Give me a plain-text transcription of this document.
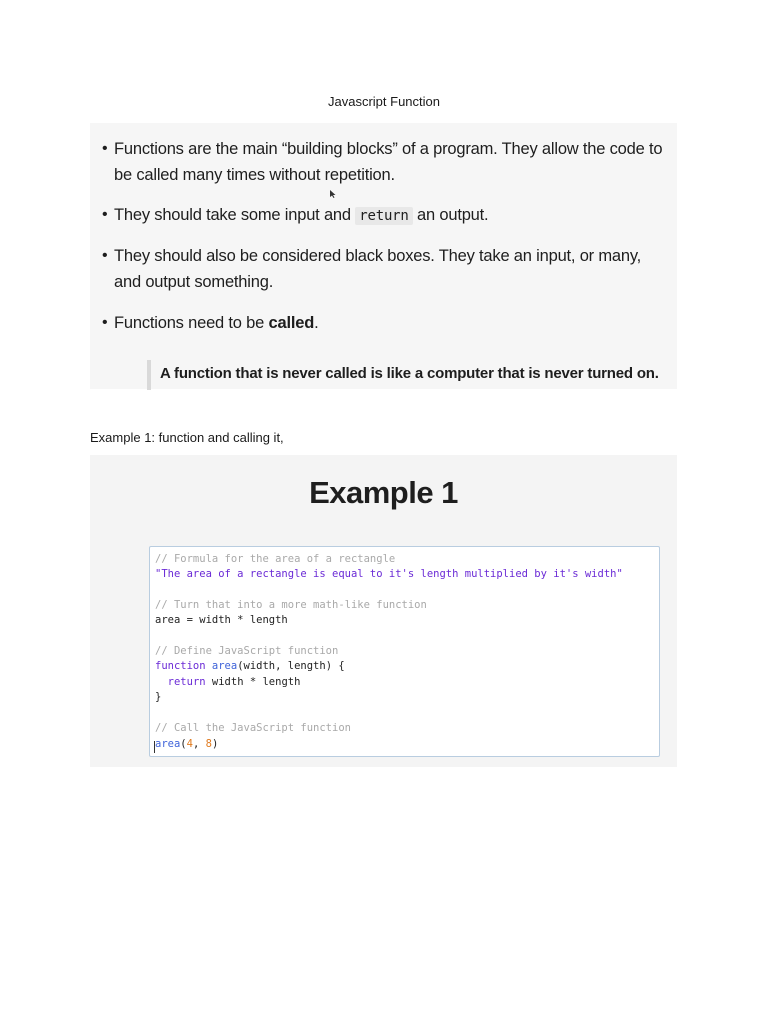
Javascript Function
• Functions are the main “building blocks” of a program. They allow the code to be called many times without repetition.
• They should take some input and return an output.
• They should also be considered black boxes. They take an input, or many, and output something.
• Functions need to be called.
A function that is never called is like a computer that is never turned on.
Example 1: function and calling it,
Example 1
// Formula for the area of a rectangle
"The area of a rectangle is equal to it's length multiplied by it's width"
// Turn that into a more math-like function
area = width * length
// Define JavaScript function
function area(width, length) {
return width * length
}
// Call the JavaScript function
area(4, 8)
